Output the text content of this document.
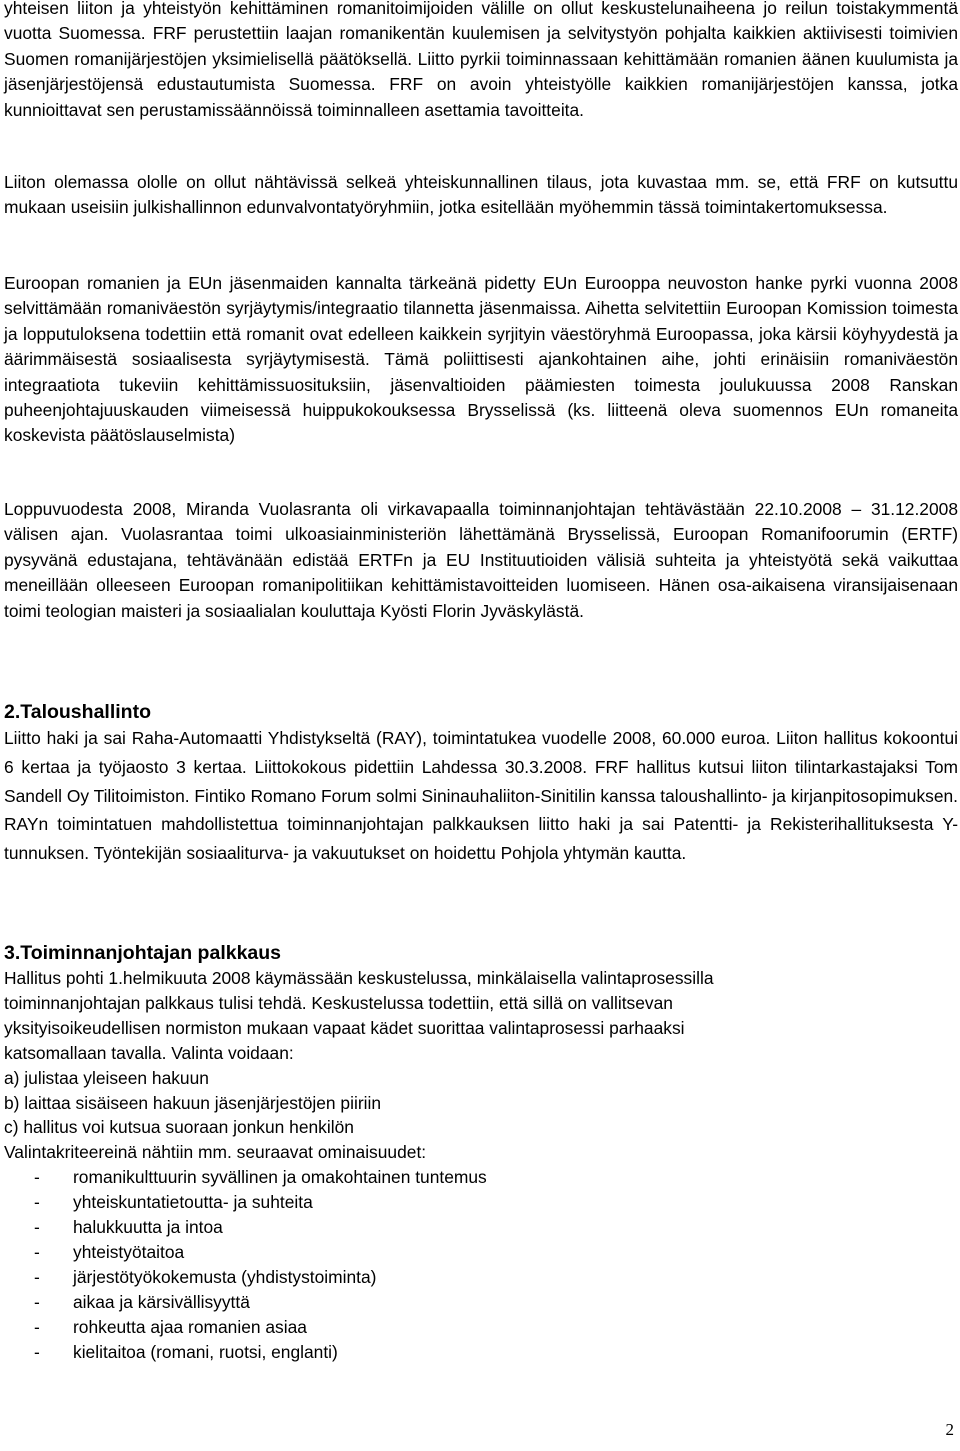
yhteisen liiton ja yhteistyön kehittäminen romanitoimijoiden välille on ollut keskustelunaiheena jo reilun toistakymmentä vuotta Suomessa. FRF perustettiin laajan romanikentän kuulemisen ja selvitystyön pohjalta kaikkien aktiivisesti toimivien Suomen romanijärjestöjen yksimielisellä päätöksellä. Liitto pyrkii toiminnassaan kehittämään romanien äänen kuulumista ja jäsenjärjestöjensä edustautumista Suomessa. FRF on avoin yhteistyölle kaikkien romanijärjestöjen kanssa, jotka kunnioittavat sen perustamissäännöissä toiminnalleen asettamia tavoitteita.

Liiton olemassa ololle on ollut nähtävissä selkeä yhteiskunnallinen tilaus, jota kuvastaa mm. se, että FRF on kutsuttu mukaan useisiin julkishallinnon edunvalvontatyöryhmiin, jotka esitellään myöhemmin tässä toimintakertomuksessa.

Euroopan romanien ja EUn jäsenmaiden kannalta tärkeänä pidetty EUn Eurooppa neuvoston hanke pyrki vuonna 2008 selvittämään romaniväestön syrjäytymis/integraatio tilannetta jäsenmaissa. Aihetta selvitettiin Euroopan Komission toimesta ja lopputuloksena todettiin että romanit ovat edelleen kaikkein syrjityin väestöryhmä Euroopassa, joka kärsii köyhyydestä ja äärimmäisestä sosiaalisesta syrjäytymisestä. Tämä poliittisesti ajankohtainen aihe, johti erinäisiin romaniväestön integraatiota tukeviin kehittämissuosituksiin, jäsenvaltioiden päämiesten toimesta joulukuussa 2008 Ranskan puheenjohtajuuskauden viimeisessä huippukokouksessa Brysselissä (ks. liitteenä oleva suomennos EUn romaneita koskevista päätöslauselmista)

Loppuvuodesta 2008, Miranda Vuolasranta oli virkavapaalla toiminnanjohtajan tehtävästään 22.10.2008 – 31.12.2008 välisen ajan. Vuolasrantaa toimi ulkoasiainministeriön lähettämänä Brysselissä, Euroopan Romanifoorumin (ERTF) pysyvänä edustajana, tehtävänään edistää ERTFn ja EU Instituutioiden välisiä suhteita ja yhteistyötä sekä vaikuttaa meneillään olleeseen Euroopan romanipolitiikan kehittämistavoitteiden luomiseen. Hänen osa-aikaisena viransijaisenaan toimi teologian maisteri ja sosiaalialan kouluttaja Kyösti Florin Jyväskylästä.

2.Taloushallinto

Liitto haki ja sai Raha-Automaatti Yhdistykseltä (RAY), toimintatukea vuodelle 2008, 60.000 euroa. Liiton hallitus kokoontui 6 kertaa ja työjaosto 3 kertaa. Liittokokous pidettiin Lahdessa 30.3.2008. FRF hallitus kutsui liiton tilintarkastajaksi Tom Sandell Oy Tilitoimiston. Fintiko Romano Forum solmi Sininauhaliiton-Sinitilin kanssa taloushallinto- ja kirjanpitosopimuksen. RAYn toimintatuen mahdollistettua toiminnanjohtajan palkkauksen liitto haki ja sai Patentti- ja Rekisterihallituksesta Y-tunnuksen. Työntekijän sosiaaliturva- ja vakuutukset on hoidettu Pohjola yhtymän kautta.

3.Toiminnanjohtajan palkkaus

Hallitus pohti 1.helmikuuta 2008 käymässään keskustelussa, minkälaisella valintaprosessilla

toiminnanjohtajan palkkaus tulisi tehdä. Keskustelussa todettiin, että sillä on vallitsevan

yksityisoikeudellisen normiston mukaan vapaat kädet suorittaa valintaprosessi parhaaksi

katsomallaan tavalla. Valinta voidaan:

a) julistaa yleiseen hakuun

b) laittaa sisäiseen hakuun jäsenjärjestöjen piiriin

c) hallitus voi kutsua suoraan jonkun henkilön

Valintakriteereinä nähtiin mm. seuraavat ominaisuudet:

- romanikulttuurin syvällinen ja omakohtainen tuntemus
- yhteiskuntatietoutta- ja suhteita
- halukkuutta ja intoa
- yhteistyötaitoa
- järjestötyökokemusta (yhdistystoiminta)
- aikaa ja kärsivällisyyttä
- rohkeutta ajaa romanien asiaa
- kielitaitoa (romani, ruotsi, englanti)
2
